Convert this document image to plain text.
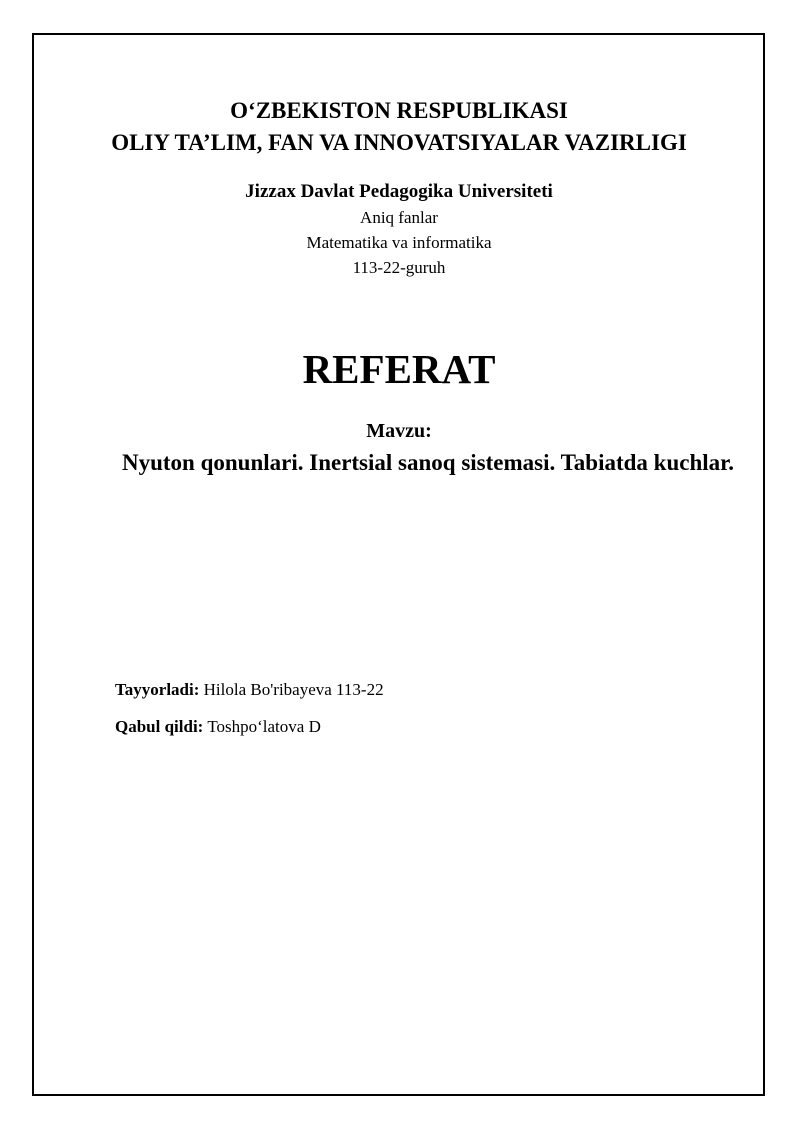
O‘ZBEKISTON RESPUBLIKASI
OLIY TA’LIM, FAN VA INNOVATSIYALAR VAZIRLIGI
Jizzax Davlat Pedagogika Universiteti
Aniq fanlar
Matematika va informatika
113-22-guruh
REFERAT
Mavzu:
Nyuton qonunlari. Inertsial sanoq sistemasi. Tabiatda kuchlar.
Tayyorladi: Hilola Bo'ribayeva 113-22
Qabul qildi: Toshpo‘latova D
